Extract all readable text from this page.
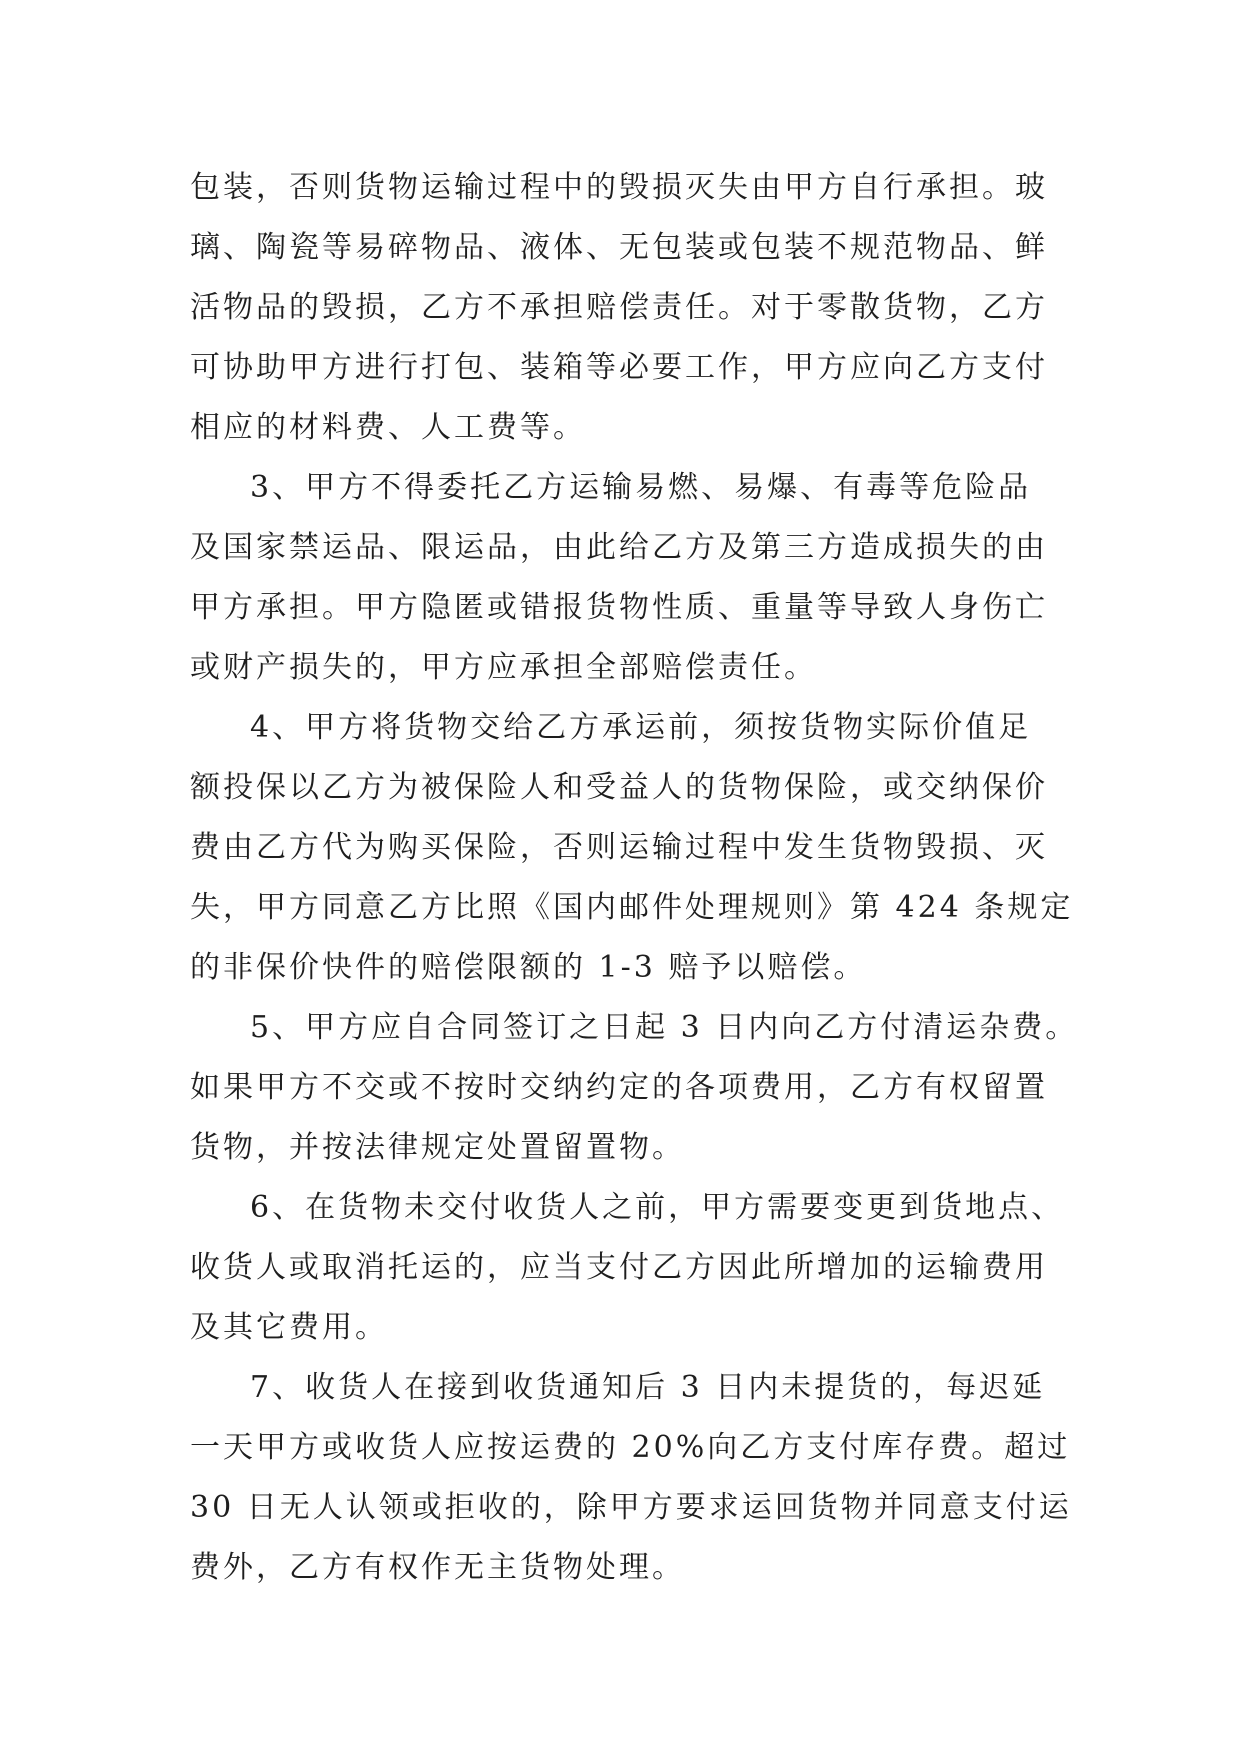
包装，否则货物运输过程中的毁损灭失由甲方自行承担。玻
璃、陶瓷等易碎物品、液体、无包装或包装不规范物品、鲜
活物品的毁损，乙方不承担赔偿责任。对于零散货物，乙方
可协助甲方进行打包、装箱等必要工作，甲方应向乙方支付
相应的材料费、人工费等。
3、甲方不得委托乙方运输易燃、易爆、有毒等危险品
及国家禁运品、限运品，由此给乙方及第三方造成损失的由
甲方承担。甲方隐匿或错报货物性质、重量等导致人身伤亡
或财产损失的，甲方应承担全部赔偿责任。
4、甲方将货物交给乙方承运前，须按货物实际价值足
额投保以乙方为被保险人和受益人的货物保险，或交纳保价
费由乙方代为购买保险，否则运输过程中发生货物毁损、灭
失，甲方同意乙方比照《国内邮件处理规则》第 424 条规定
的非保价快件的赔偿限额的 1-3 赔予以赔偿。
5、甲方应自合同签订之日起 3 日内向乙方付清运杂费。
如果甲方不交或不按时交纳约定的各项费用，乙方有权留置
货物，并按法律规定处置留置物。
6、在货物未交付收货人之前，甲方需要变更到货地点、
收货人或取消托运的，应当支付乙方因此所增加的运输费用
及其它费用。
7、收货人在接到收货通知后 3 日内未提货的，每迟延
一天甲方或收货人应按运费的 20%向乙方支付库存费。超过
30 日无人认领或拒收的，除甲方要求运回货物并同意支付运
费外，乙方有权作无主货物处理。
